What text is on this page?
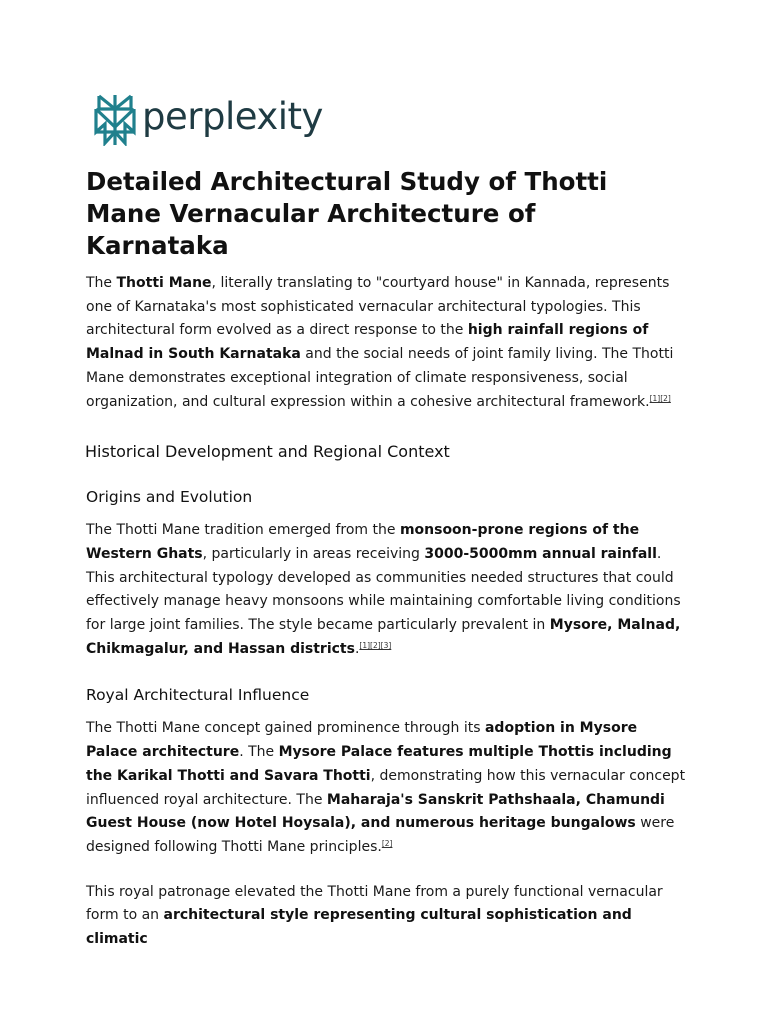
perplexity
Detailed Architectural Study of Thotti Mane Vernacular Architecture of Karnataka

The Thotti Mane, literally translating to "courtyard house" in Kannada, represents one of Karnataka's most sophisticated vernacular architectural typologies. This architectural form evolved as a direct response to the high rainfall regions of Malnad in South Karnataka and the social needs of joint family living. The Thotti Mane demonstrates exceptional integration of climate responsiveness, social organization, and cultural expression within a cohesive architectural framework.[1][2]

Historical Development and Regional Context
Origins and Evolution

The Thotti Mane tradition emerged from the monsoon-prone regions of the Western Ghats, particularly in areas receiving 3000-5000mm annual rainfall. This architectural typology developed as communities needed structures that could effectively manage heavy monsoons while maintaining comfortable living conditions for large joint families. The style became particularly prevalent in Mysore, Malnad, Chikmagalur, and Hassan districts.[1][2][3]

Royal Architectural Influence

The Thotti Mane concept gained prominence through its adoption in Mysore Palace architecture. The Mysore Palace features multiple Thottis including the Karikal Thotti and Savara Thotti, demonstrating how this vernacular concept influenced royal architecture. The Maharaja's Sanskrit Pathshaala, Chamundi Guest House (now Hotel Hoysala), and numerous heritage bungalows were designed following Thotti Mane principles.[2]

This royal patronage elevated the Thotti Mane from a purely functional vernacular form to an architectural style representing cultural sophistication and climatic
